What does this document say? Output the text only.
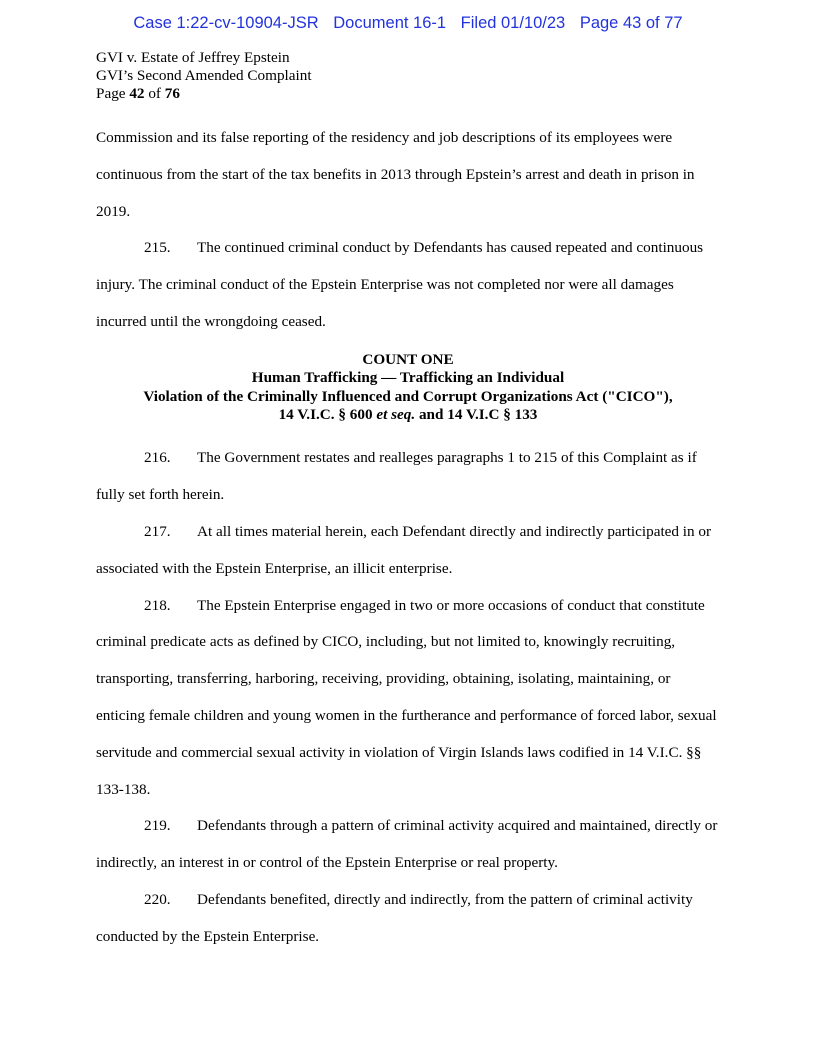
Case 1:22-cv-10904-JSR Document 16-1 Filed 01/10/23 Page 43 of 77
GVI v. Estate of Jeffrey Epstein
GVI’s Second Amended Complaint
Page 42 of 76

Commission and its false reporting of the residency and job descriptions of its employees were continuous from the start of the tax benefits in 2013 through Epstein’s arrest and death in prison in 2019.

215. The continued criminal conduct by Defendants has caused repeated and continuous injury. The criminal conduct of the Epstein Enterprise was not completed nor were all damages incurred until the wrongdoing ceased.

COUNT ONE
Human Trafficking — Trafficking an Individual
Violation of the Criminally Influenced and Corrupt Organizations Act ("CICO"),
14 V.I.C. § 600 et seq. and 14 V.I.C § 133

216. The Government restates and realleges paragraphs 1 to 215 of this Complaint as if fully set forth herein.

217. At all times material herein, each Defendant directly and indirectly participated in or associated with the Epstein Enterprise, an illicit enterprise.

218. The Epstein Enterprise engaged in two or more occasions of conduct that constitute criminal predicate acts as defined by CICO, including, but not limited to, knowingly recruiting, transporting, transferring, harboring, receiving, providing, obtaining, isolating, maintaining, or enticing female children and young women in the furtherance and performance of forced labor, sexual servitude and commercial sexual activity in violation of Virgin Islands laws codified in 14 V.I.C. §§ 133-138.

219. Defendants through a pattern of criminal activity acquired and maintained, directly or indirectly, an interest in or control of the Epstein Enterprise or real property.

220. Defendants benefited, directly and indirectly, from the pattern of criminal activity conducted by the Epstein Enterprise.
